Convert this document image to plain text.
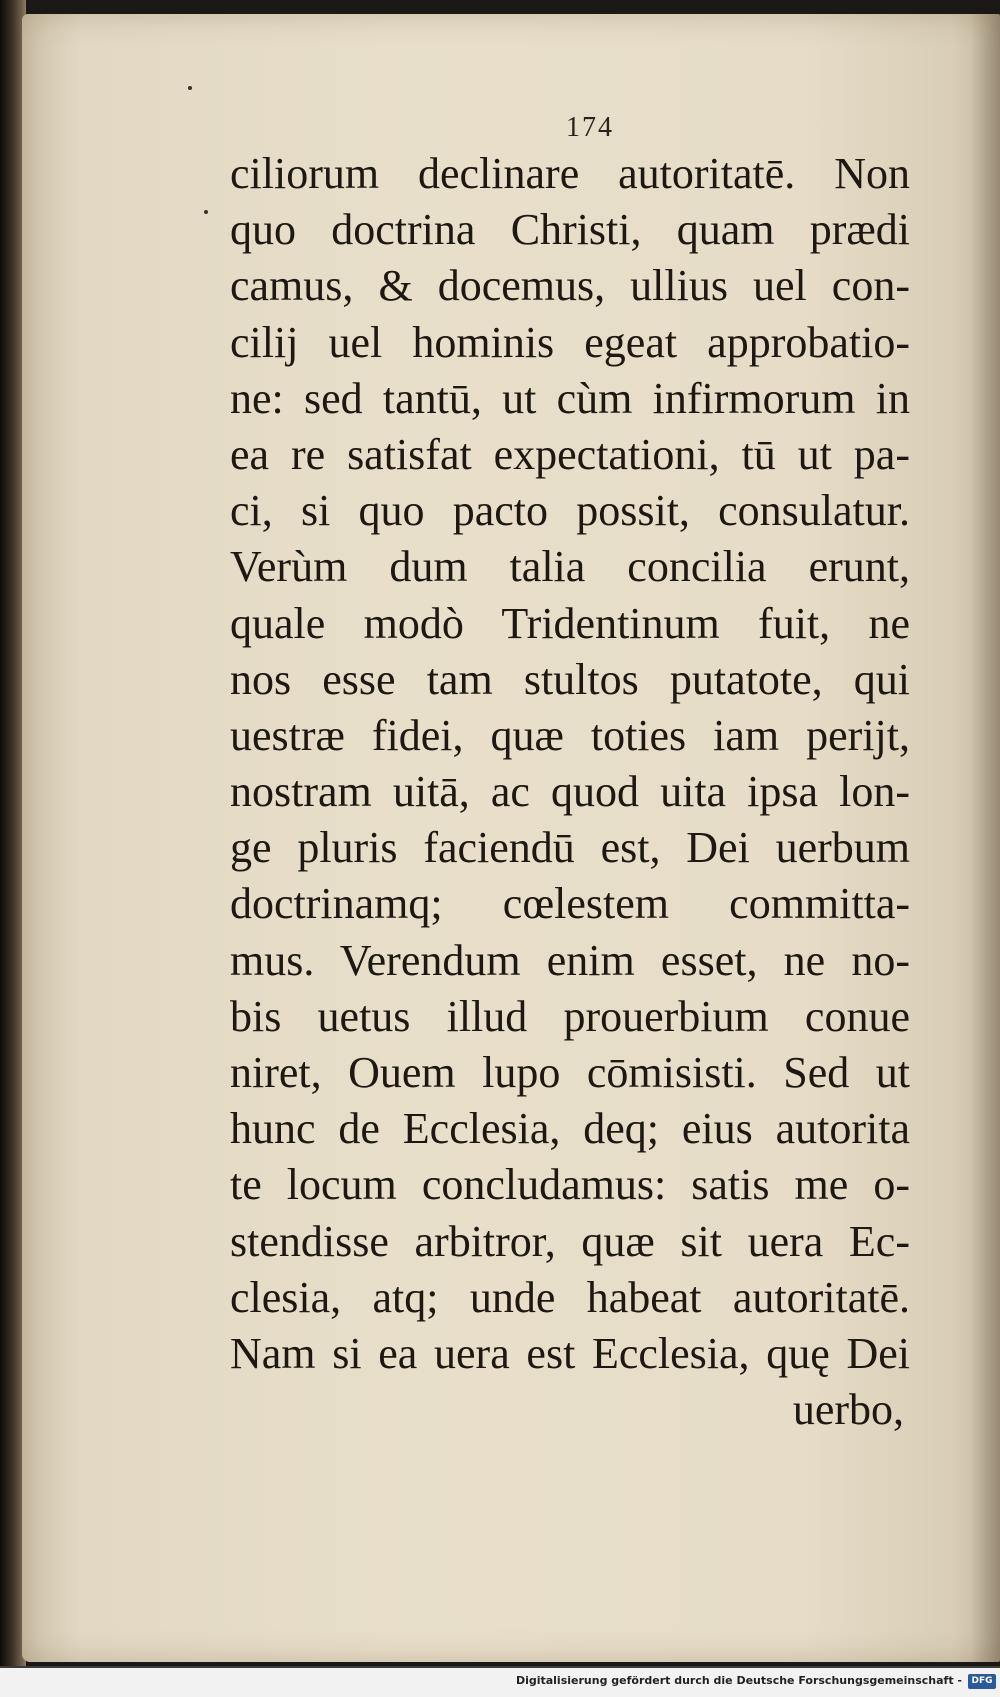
174
ciliorum declinare autoritatē. Non
quo doctrina Christi, quam prædi
camus, & docemus, ullius uel con-
cilij uel hominis egeat approbatio-
ne: sed tantū, ut cùm infirmorum in
ea re satisfat expectationi, tū ut pa-
ci, si quo pacto possit, consulatur.
Verùm dum talia concilia erunt,
quale modò Tridentinum fuit, ne
nos esse tam stultos putatote, qui
uestræ fidei, quæ toties iam perijt,
nostram uitā, ac quod uita ipsa lon-
ge pluris faciendū est, Dei uerbum
doctrinamq; cœlestem committa-
mus. Verendum enim esset, ne no-
bis uetus illud prouerbium conue
niret, Ouem lupo cōmisisti. Sed ut
hunc de Ecclesia, deq; eius autorita
te locum concludamus: satis me o-
stendisse arbitror, quæ sit uera Ec-
clesia, atq; unde habeat autoritatē.
Nam si ea uera est Ecclesia, quę Dei
uerbo,
Digitalisierung gefördert durch die Deutsche Forschungsgemeinschaft -	DFG
